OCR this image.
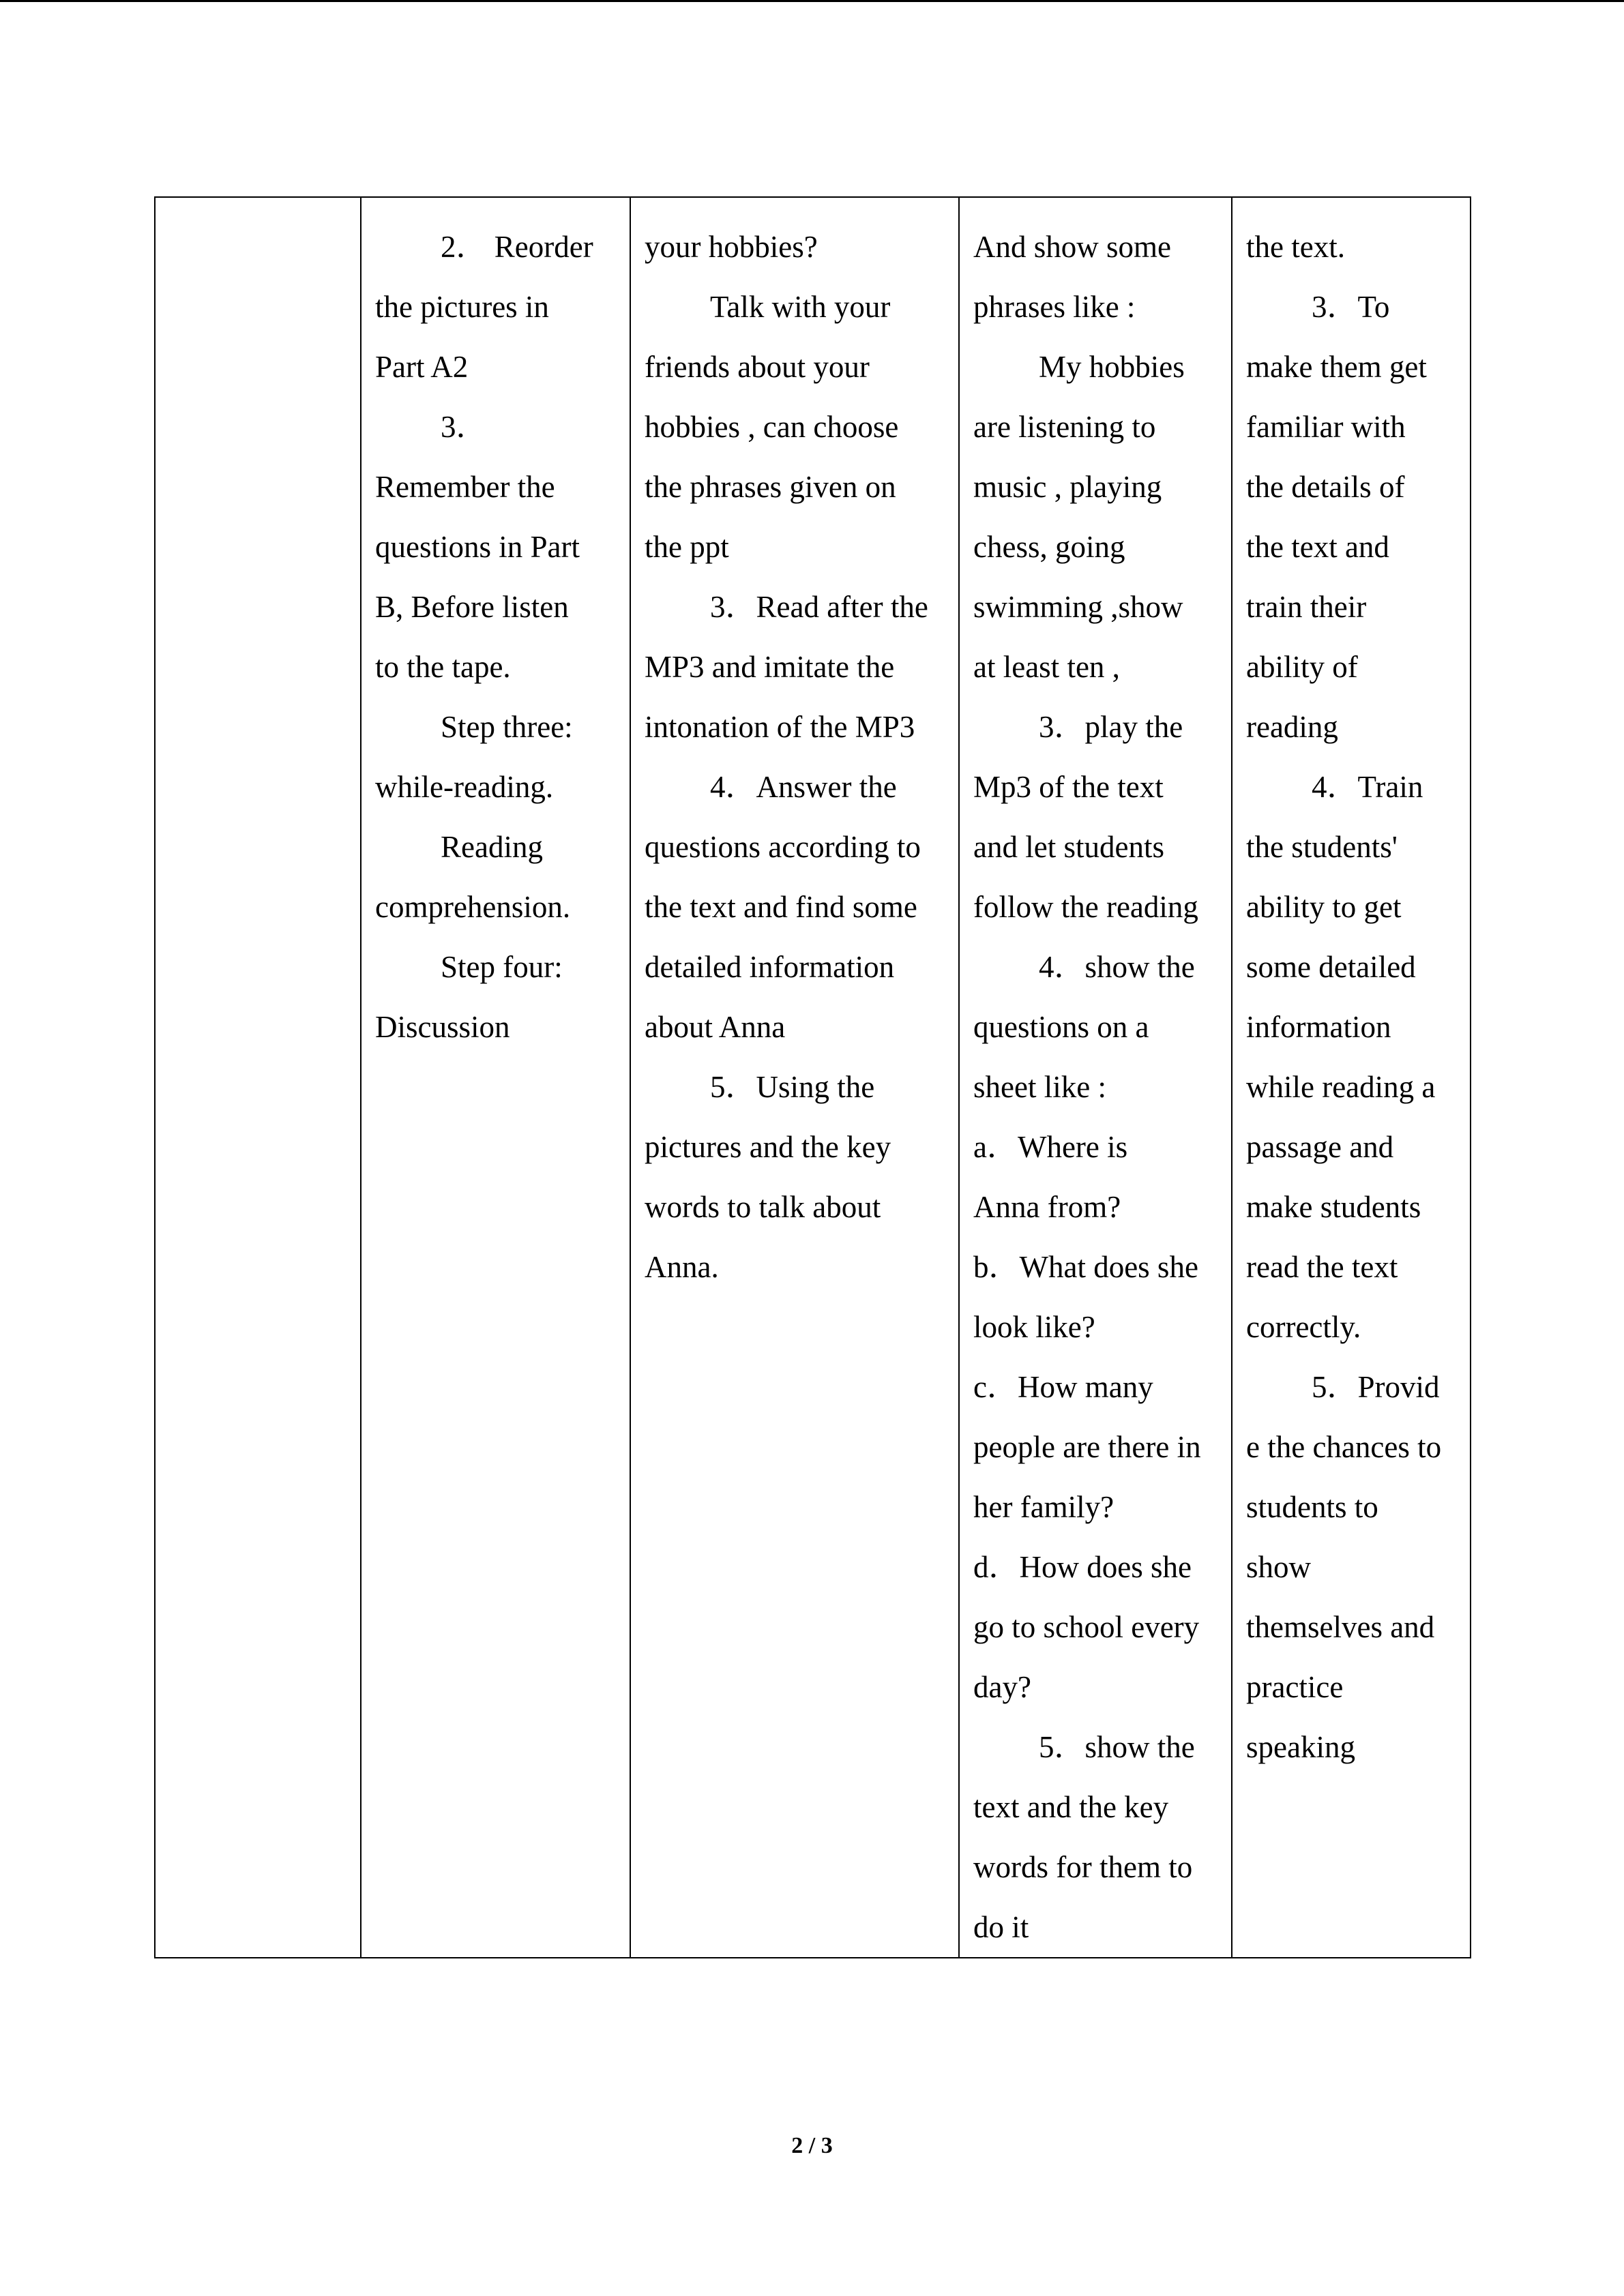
2． Reorder
the pictures in
Part A2
3．
Remember the
questions in Part
B, Before listen
to the tape.
Step three:
while-reading.
Reading
comprehension.
Step four:
Discussion

your hobbies?
Talk with your
friends about your
hobbies , can choose
the phrases given on
the ppt
3．Read after the
MP3 and imitate the
intonation of the MP3
4．Answer the
questions according to
the text and find some
detailed information
about Anna
5．Using the
pictures and the key
words to talk about
Anna.

And show some
phrases like :
My hobbies
are listening to
music , playing
chess, going
swimming ,show
at least ten ,
3．play the
Mp3 of the text
and let students
follow the reading
4．show the
questions on a
sheet like :
a．Where is
Anna from?
b．What does she
look like?
c．How many
people are there in
her family?
d．How does she
go to school every
day?
5．show the
text and the key
words for them to
do it

the text.
3．To
make them get
familiar with
the details of
the text and
train their
ability of
reading
4．Train
the students'
ability to get
some detailed
information
while reading a
passage and
make students
read the text
correctly.
5．Provid
e the chances to
students to
show
themselves and
practice
speaking
2 / 3
